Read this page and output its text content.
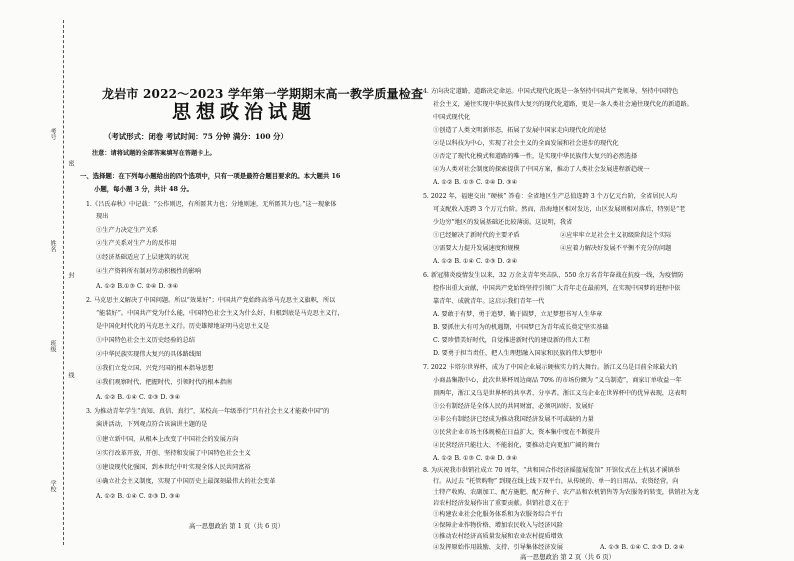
考号
密
姓名
封
班级
线
学校
龙岩市 2022～2023 学年第一学期期末高一教学质量检查
思想政治试题
（考试形式：闭卷 考试时间：75 分钟 满分：100 分）
注意：请将试题的全部答案填写在答题卡上。
一、选择题：在下列每小题给出的四个选项中，只有一项是最符合题目要求的。本大题共 16
小题，每小题 3 分，共计 48 分。
1.《吕氏春秋》中记载：“公作则迟，有所匿其力也；分地则速，无所匿其力也。”这一现象体
现出
①生产力决定生产关系
②生产关系对生产力的反作用
③经济基础适应了上层建筑的状况
④生产资料所有制对劳动积极性的影响
A. ①② B.①③ C. ②④ D. ③④
2. 马克思主义解决了中国问题。所以“效果好”；中国共产党始终高举马克思主义旗帜，所以
“能装好”。中国共产党为什么能，中国特色社会主义为什么好，归根到底是马克思主义行，
是中国化时代化的马克思主义行。历史雄辩地证明马克思主义是
①中国特色社会主义历史经验的总结
②中华民族实现伟大复兴的具体路线图
③我们立党立国、兴党兴国的根本指导思想
④我们观察时代、把握时代、引领时代的根本指南
A. ①② B. ①④ C. ②③ D. ③④
3. 为推动青年学生“真知、真信、真行”，某校高一年级举行“只有社会主义才能救中国”的
演讲活动，下列观点符合该演讲主题的是
①建立新中国，从根本上改变了中国社会的发展方向
②实行改革开放，开创、坚持和发展了中国特色社会主义
③建设现代化强国，到本世纪中叶实现全体人民共同富裕
④确立社会主义制度，实现了中国历史上最深刻最伟大的社会变革
A. ①② B. ①④ C. ②③ D. ③④
高一思想政治 第 1 页（共 6 页）
4. 方向决定道路，道路决定命运。中国式现代化既是一条坚持中国共产党领导、坚持中国特色
社会主义，通往实现中华民族伟大复兴的现代化道路，更是一条人类社会通往现代化的新道路。
中国式现代化
①创造了人类文明新形态，拓展了发展中国家走向现代化的途径
②是以科技为中心，实现了社会主义的全面发展和社会进步的现代化
③否定了现代化模式和道路的唯一性，是实现中华民族伟大复兴的必然选择
④为人类对社会制度的探索提供了中国方案，推动了人类社会发展进程新趋统一
A. ①② B. ①③ C. ②④ D. ③④
5. 2022 年，福建交出 “硬核” 答卷：全省地区生产总值连跨 3 个万亿元台阶，全省居民人均
可支配收入连跨 3 个万元台阶。然而，沿海地区相对发达，山区发展则相对落后，特别是“老
少边穷”地区的发展基础还比较薄弱。这说明，我省
①已经解决了新时代的主要矛盾	②应牢牢立足社会主义初级阶段这个实际
③需要大力提升发展速度和规模	④应着力解决好发展不平衡不充分的问题
A. ①② B. ①④ C. ②③ D. ②④
6. 新冠肺炎疫情发生以来，32 万余支青年突击队、550 余万名青年奋战在抗疫一线，为疫情防
控作出重大贡献，中国共产党始终坚持引领广大青年走在最前列，在实现中国梦的进程中依
靠青年、成就青年。这启示我们青年一代
A. 要敢于有梦、勇于追梦、勤于圆梦，立足梦想书写人生华章
B. 要抓住大有可为的机遇期，中国梦已为青年成长奠定坚实基础
C. 要珍惜美好时代，自觉推进新时代的建设新的伟大工程
D. 要勇于担当责任，把人生理想融入国家和民族的伟大梦想中
7. 2022 卡塔尔世界杯，成为了中国企业展示硬核实力的大舞台。浙江义乌是目前全球最大的
小商品集散中心，此次世界杯周边商品 70% 的市场份额为 “义乌制造”，商家订单收益一年
顶两年，浙江义乌是世界杯的共享者、分享者。浙江义乌企业在世界杯中的优异表现，这表明
①公有制经济是全体人民的共同财富，必须巩固好、发展好
②非公有制经济已经成为推动我国经济发展不可或缺的力量
③民营企业市场主体规模在日益扩大，资本集中度在不断提升
④民营经济只能壮大、不能弱化，要推动走向更加广阔的舞台
A. ①② B. ①③ C. ②④ D. ③④
8. 为庆祝我市供销社成立 70 周年，“共和国合作经济摇篮展览馆” 开馆仪式在上杭县才溪镇举
行。从过去 “托管购物” 到现在线上线下双平台，从传统的、单一的日用品、农资经营，向
土特产收购、农副加工、配方施肥、配方种子、农产品和农机销售等为农服务的转变，供销社为龙
岩农村经济发展作出了重要贡献。供销社意义在于
①构建农业社会化服务体系和为农服务综合平台
②保障企业作物价格、增加农民收入与经济风险
③推动农村经济高质量发展和农业农村提质增效
④发挥原始作用鼓励、支持、引导集体经济发展	A. ①③ B. ①④ C. ②③ D. ②④
高一思想政治 第 2 页（共 6 页）
